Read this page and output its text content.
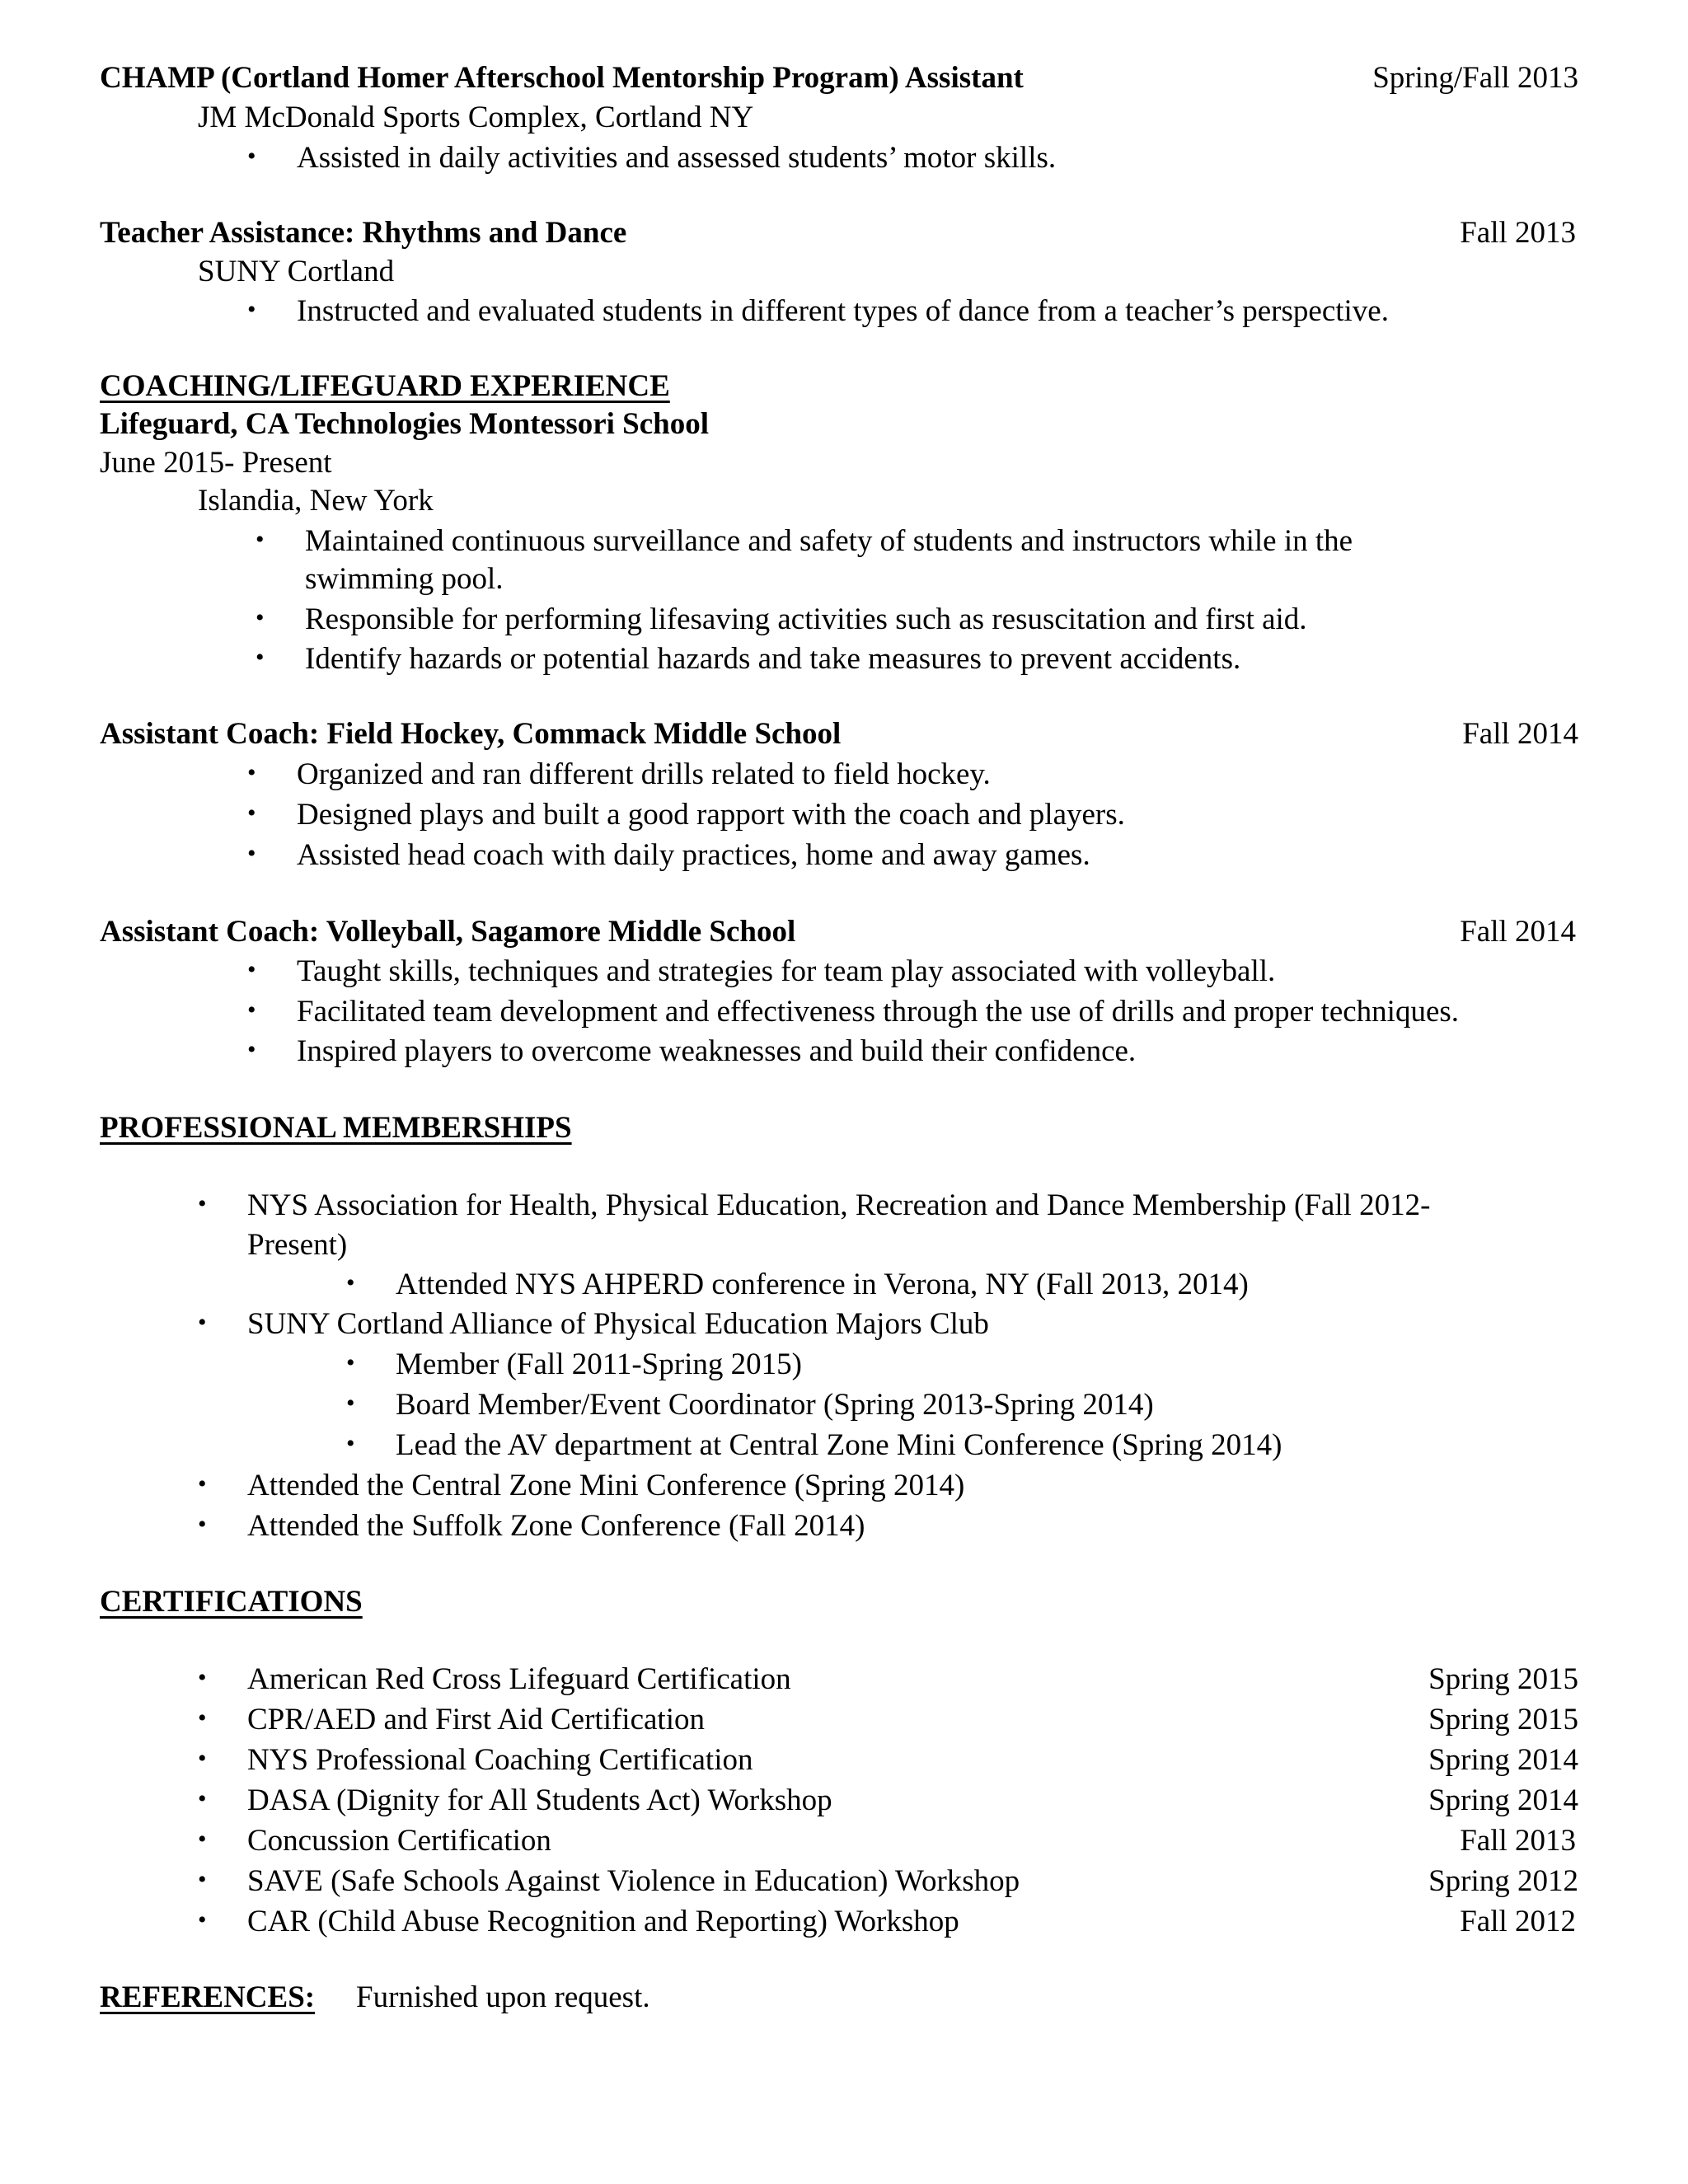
CHAMP (Cortland Homer Afterschool Mentorship Program) Assistant	Spring/Fall 2013
JM McDonald Sports Complex, Cortland NY
• Assisted in daily activities and assessed students’ motor skills.
Teacher Assistance: Rhythms and Dance	Fall 2013
SUNY Cortland
• Instructed and evaluated students in different types of dance from a teacher’s perspective.
COACHING/LIFEGUARD EXPERIENCE
Lifeguard, CA Technologies Montessori School
June 2015- Present
Islandia, New York
• Maintained continuous surveillance and safety of students and instructors while in the
swimming pool.
• Responsible for performing lifesaving activities such as resuscitation and first aid.
• Identify hazards or potential hazards and take measures to prevent accidents.
Assistant Coach: Field Hockey, Commack Middle School	Fall 2014
• Organized and ran different drills related to field hockey.
• Designed plays and built a good rapport with the coach and players.
• Assisted head coach with daily practices, home and away games.
Assistant Coach: Volleyball, Sagamore Middle School	Fall 2014
• Taught skills, techniques and strategies for team play associated with volleyball.
• Facilitated team development and effectiveness through the use of drills and proper techniques.
• Inspired players to overcome weaknesses and build their confidence.
PROFESSIONAL MEMBERSHIPS
• NYS Association for Health, Physical Education, Recreation and Dance Membership (Fall 2012-
Present)
• Attended NYS AHPERD conference in Verona, NY (Fall 2013, 2014)
• SUNY Cortland Alliance of Physical Education Majors Club
• Member (Fall 2011-Spring 2015)
• Board Member/Event Coordinator (Spring 2013-Spring 2014)
• Lead the AV department at Central Zone Mini Conference (Spring 2014)
• Attended the Central Zone Mini Conference (Spring 2014)
• Attended the Suffolk Zone Conference (Fall 2014)
CERTIFICATIONS
• American Red Cross Lifeguard Certification	Spring 2015
• CPR/AED and First Aid Certification	Spring 2015
• NYS Professional Coaching Certification	Spring 2014
• DASA (Dignity for All Students Act) Workshop	Spring 2014
• Concussion Certification	Fall 2013
• SAVE (Safe Schools Against Violence in Education) Workshop	Spring 2012
• CAR (Child Abuse Recognition and Reporting) Workshop	Fall 2012
REFERENCES: Furnished upon request.
